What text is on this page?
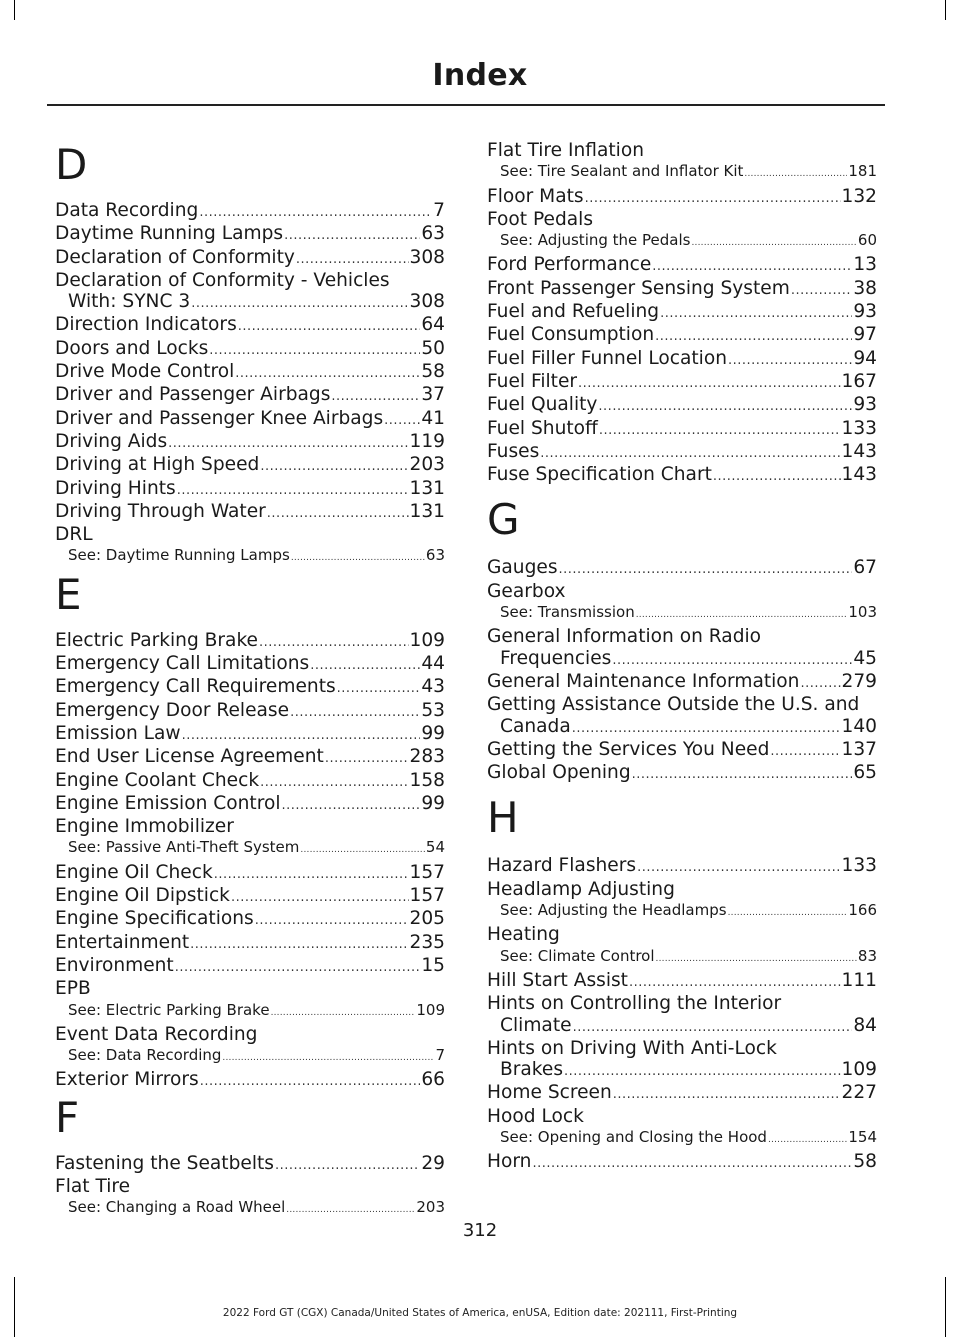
Index
D
Data Recording .....	7
Daytime Running Lamps .....	63
Declaration of Conformity .....	308
Declaration of Conformity - Vehicles
With: SYNC 3 .....	308
Direction Indicators .....	64
Doors and Locks .....	50
Drive Mode Control .....	58
Driver and Passenger Airbags .....	37
Driver and Passenger Knee Airbags ..... 41
Driving Aids .....	119
Driving at High Speed .....	203
Driving Hints .....	131
Driving Through Water .....	131
DRL
See: Daytime Running Lamps .....	63
E
Electric Parking Brake .....	109
Emergency Call Limitations .....	44
Emergency Call Requirements .....	43
Emergency Door Release .....	53
Emission Law .....	99
End User License Agreement .....	283
Engine Coolant Check .....	158
Engine Emission Control .....	99
Engine Immobilizer
See: Passive Anti-Theft System .....	54
Engine Oil Check .....	157
Engine Oil Dipstick .....	157
Engine Specifications .....	205
Entertainment .....	235
Environment .....	15
EPB
See: Electric Parking Brake .....	109
Event Data Recording
See: Data Recording .....	7
Exterior Mirrors .....	66
F
Fastening the Seatbelts .....	29
Flat Tire
See: Changing a Road Wheel .....	203
Flat Tire Inflation
See: Tire Sealant and Inflator Kit .....	181
Floor Mats .....	132
Foot Pedals
See: Adjusting the Pedals .....	60
Ford Performance .....	13
Front Passenger Sensing System .....	38
Fuel and Refueling .....	93
Fuel Consumption .....	97
Fuel Filler Funnel Location .....	94
Fuel Filter .....	167
Fuel Quality .....	93
Fuel Shutoff .....	133
Fuses .....	143
Fuse Specification Chart .....	143
G
Gauges .....	67
Gearbox
See: Transmission .....	103
General Information on Radio
Frequencies .....	45
General Maintenance Information ..... 279
Getting Assistance Outside the U.S. and
Canada .....	140
Getting the Services You Need .....	137
Global Opening .....	65
H
Hazard Flashers .....	133
Headlamp Adjusting
See: Adjusting the Headlamps .....	166
Heating
See: Climate Control .....	83
Hill Start Assist .....	111
Hints on Controlling the Interior
Climate .....	84
Hints on Driving With Anti-Lock
Brakes .....	109
Home Screen .....	227
Hood Lock
See: Opening and Closing the Hood .....	154
Horn .....	58
312
2022 Ford GT (CGX) Canada/United States of America, enUSA, Edition date: 202111, First-Printing
